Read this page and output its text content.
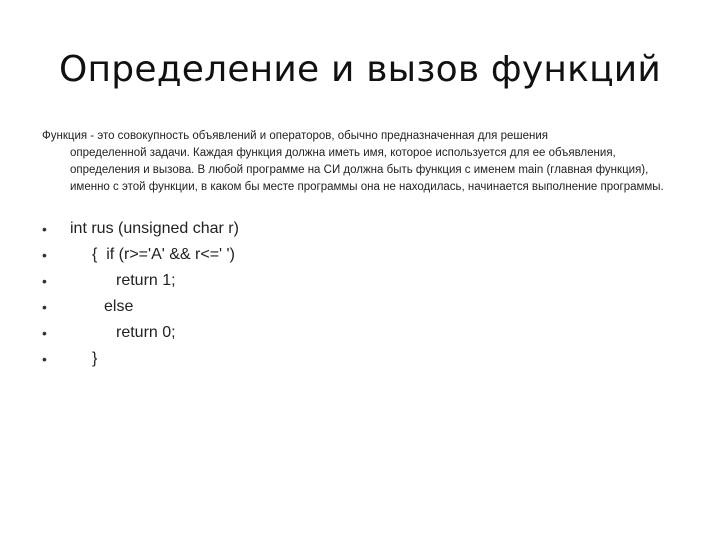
Определение и вызов функций
Функция - это совокупность объявлений и операторов, обычно предназначенная для решения
определенной задачи. Каждая функция должна иметь имя, которое используется для ее объявления, определения и вызова. В любой программе на СИ должна быть функция с именем main (главная функция), именно с этой функции, в каком бы месте программы она не находилась, начинается выполнение программы.

•

	int rus (unsigned char r)

•

	{  if (r>='A' && r<=' ')

•

	return 1;

•

	else

•

	return 0;

•

	}
